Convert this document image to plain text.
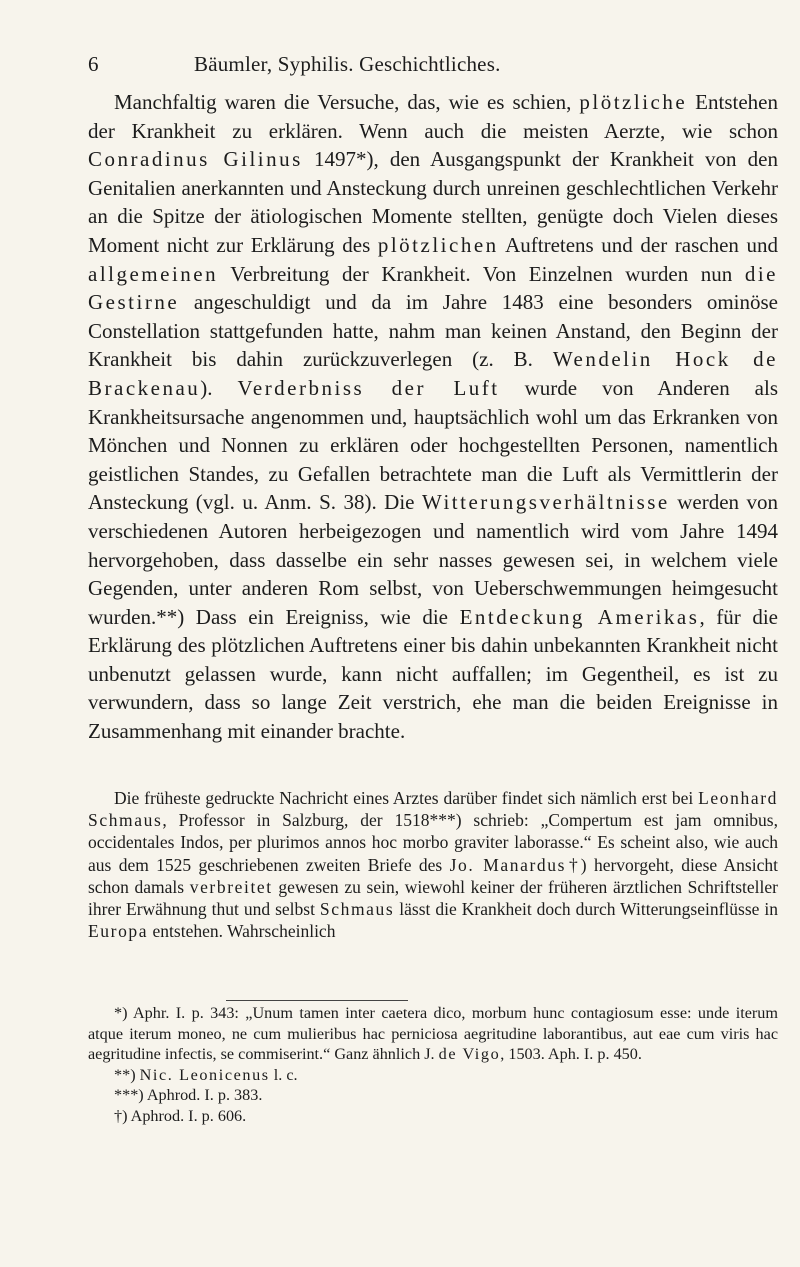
6	Bäumler, Syphilis. Geschichtliches.

Manchfaltig waren die Versuche, das, wie es schien, plötzliche Entstehen der Krankheit zu erklären. Wenn auch die meisten Aerzte, wie schon Conradinus Gilinus 1497*), den Ausgangspunkt der Krankheit von den Genitalien anerkannten und Ansteckung durch unreinen geschlechtlichen Verkehr an die Spitze der ätiologischen Momente stellten, genügte doch Vielen dieses Moment nicht zur Erklärung des plötzlichen Auftretens und der raschen und allgemeinen Verbreitung der Krankheit. Von Einzelnen wurden nun die Gestirne angeschuldigt und da im Jahre 1483 eine besonders ominöse Constellation stattgefunden hatte, nahm man keinen Anstand, den Beginn der Krankheit bis dahin zurückzuverlegen (z. B. Wendelin Hock de Brackenau). Verderbniss der Luft wurde von Anderen als Krankheitsursache angenommen und, hauptsächlich wohl um das Erkranken von Mönchen und Nonnen zu erklären oder hochgestellten Personen, namentlich geistlichen Standes, zu Gefallen betrachtete man die Luft als Vermittlerin der Ansteckung (vgl. u. Anm. S. 38). Die Witterungsverhältnisse werden von verschiedenen Autoren herbeigezogen und namentlich wird vom Jahre 1494 hervorgehoben, dass dasselbe ein sehr nasses gewesen sei, in welchem viele Gegenden, unter anderen Rom selbst, von Ueberschwemmungen heimgesucht wurden.**) Dass ein Ereigniss, wie die Entdeckung Amerikas, für die Erklärung des plötzlichen Auftretens einer bis dahin unbekannten Krankheit nicht unbenutzt gelassen wurde, kann nicht auffallen; im Gegentheil, es ist zu verwundern, dass so lange Zeit verstrich, ehe man die beiden Ereignisse in Zusammenhang mit einander brachte.

Die früheste gedruckte Nachricht eines Arztes darüber findet sich nämlich erst bei Leonhard Schmaus, Professor in Salzburg, der 1518***) schrieb: „Compertum est jam omnibus, occidentales Indos, per plurimos annos hoc morbo graviter laborasse.“ Es scheint also, wie auch aus dem 1525 geschriebenen zweiten Briefe des Jo. Manardus†) hervorgeht, diese Ansicht schon damals verbreitet gewesen zu sein, wiewohl keiner der früheren ärztlichen Schriftsteller ihrer Erwähnung thut und selbst Schmaus lässt die Krankheit doch durch Witterungseinflüsse in Europa entstehen. Wahrscheinlich

*) Aphr. I. p. 343: „Unum tamen inter caetera dico, morbum hunc contagiosum esse: unde iterum atque iterum moneo, ne cum mulieribus hac perniciosa aegritudine laborantibus, aut eae cum viris hac aegritudine infectis, se commiserint.“ Ganz ähnlich J. de Vigo, 1503. Aph. I. p. 450.

**) Nic. Leonicenus l. c.

***) Aphrod. I. p. 383.

†) Aphrod. I. p. 606.
